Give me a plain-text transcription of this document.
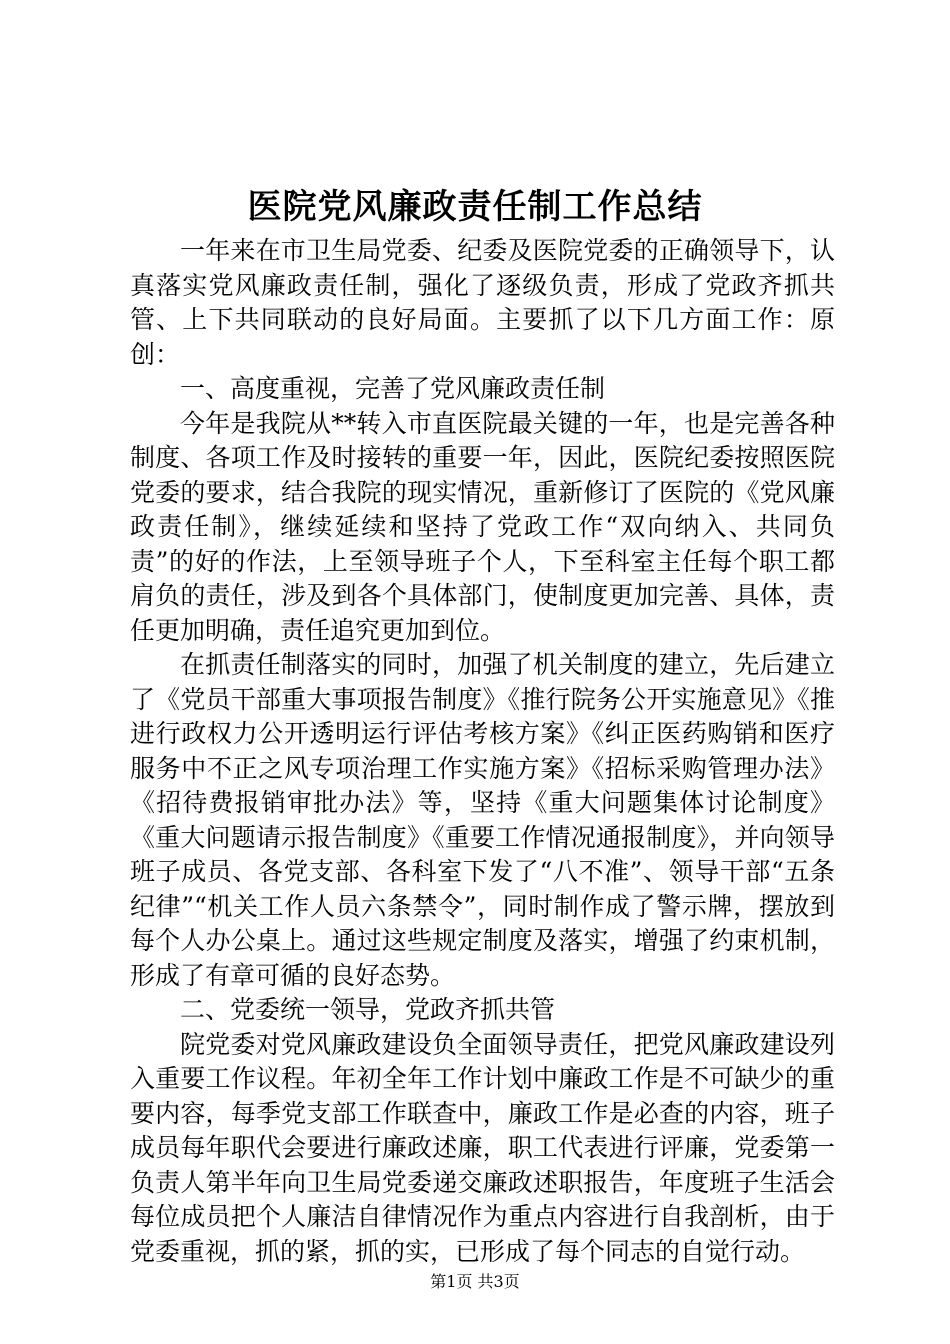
医院党风廉政责任制工作总结

一年来在市卫生局党委、纪委及医院党委的正确领导下，认真落实党风廉政责任制，强化了逐级负责，形成了党政齐抓共管、上下共同联动的良好局面。主要抓了以下几方面工作：原创：

一、高度重视，完善了党风廉政责任制

今年是我院从**转入市直医院最关键的一年，也是完善各种制度、各项工作及时接转的重要一年，因此，医院纪委按照医院党委的要求，结合我院的现实情况，重新修订了医院的《党风廉政责任制》，继续延续和坚持了党政工作“双向纳入、共同负责”的好的作法，上至领导班子个人，下至科室主任每个职工都肩负的责任，涉及到各个具体部门，使制度更加完善、具体，责任更加明确，责任追究更加到位。

在抓责任制落实的同时，加强了机关制度的建立，先后建立了《党员干部重大事项报告制度》《推行院务公开实施意见》《推进行政权力公开透明运行评估考核方案》《纠正医药购销和医疗服务中不正之风专项治理工作实施方案》《招标采购管理办法》《招待费报销审批办法》等，坚持《重大问题集体讨论制度》《重大问题请示报告制度》《重要工作情况通报制度》，并向领导班子成员、各党支部、各科室下发了“八不准”、领导干部“五条纪律”“机关工作人员六条禁令”，同时制作成了警示牌，摆放到每个人办公桌上。通过这些规定制度及落实，增强了约束机制，形成了有章可循的良好态势。

二、党委统一领导，党政齐抓共管

院党委对党风廉政建设负全面领导责任，把党风廉政建设列入重要工作议程。年初全年工作计划中廉政工作是不可缺少的重要内容，每季党支部工作联查中，廉政工作是必查的内容，班子成员每年职代会要进行廉政述廉，职工代表进行评廉，党委第一负责人第半年向卫生局党委递交廉政述职报告，年度班子生活会每位成员把个人廉洁自律情况作为重点内容进行自我剖析，由于党委重视，抓的紧，抓的实，已形成了每个同志的自觉行动。

第1页 共3页
